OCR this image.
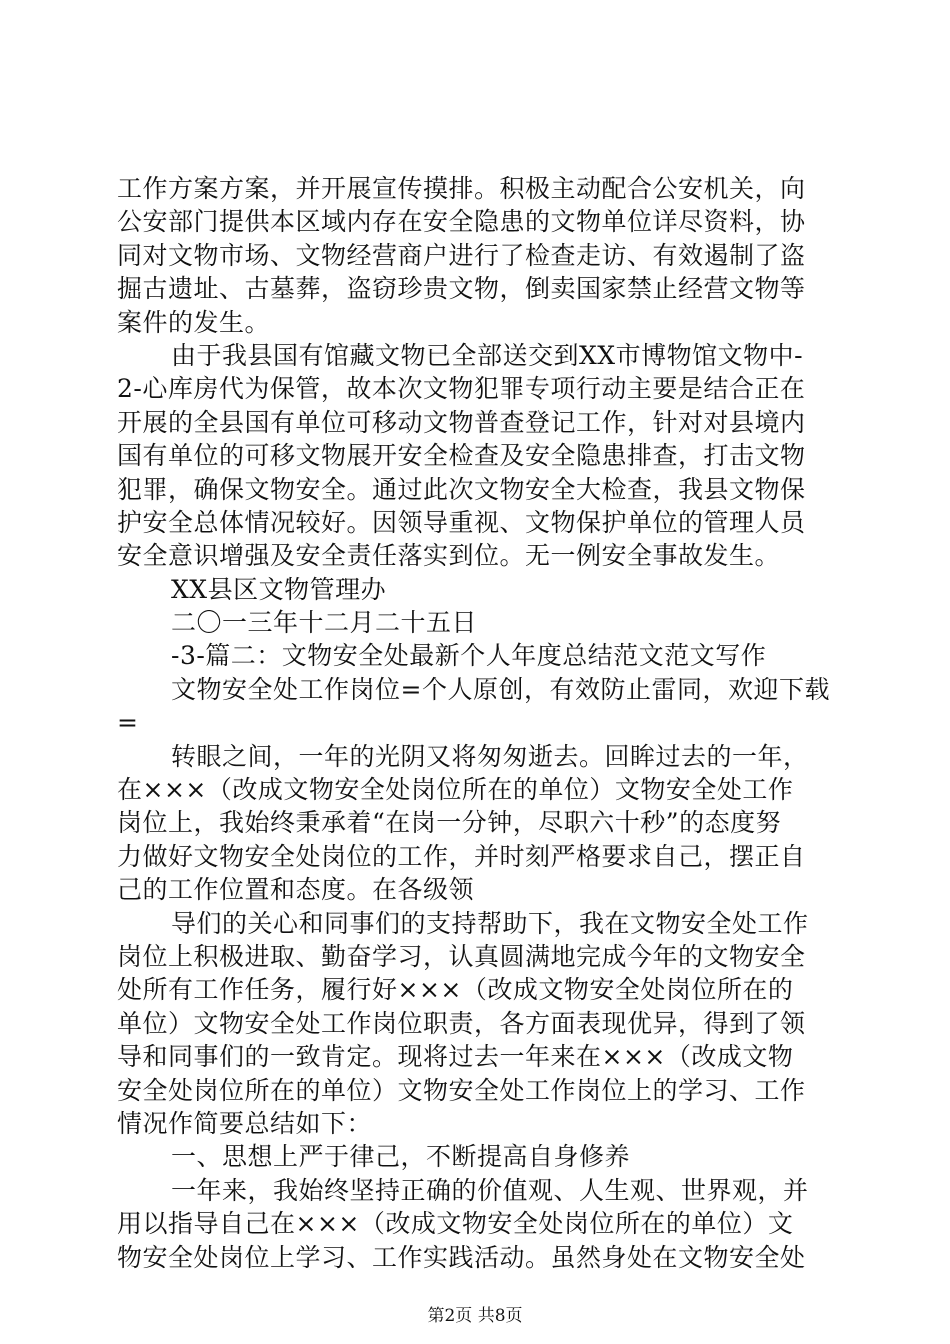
工作方案方案，并开展宣传摸排。积极主动配合公安机关，向
公安部门提供本区域内存在安全隐患的文物单位详尽资料，协
同对文物市场、文物经营商户进行了检查走访、有效遏制了盗
掘古遗址、古墓葬，盗窃珍贵文物，倒卖国家禁止经营文物等
案件的发生。
由于我县国有馆藏文物已全部送交到XX市博物馆文物中-
2-心库房代为保管，故本次文物犯罪专项行动主要是结合正在
开展的全县国有单位可移动文物普查登记工作，针对对县境内
国有单位的可移文物展开安全检查及安全隐患排查，打击文物
犯罪，确保文物安全。通过此次文物安全大检查，我县文物保
护安全总体情况较好。因领导重视、文物保护单位的管理人员
安全意识增强及安全责任落实到位。无一例安全事故发生。
XX县区文物管理办
二〇一三年十二月二十五日
-3-篇二：文物安全处最新个人年度总结范文范文写作
文物安全处工作岗位=个人原创，有效防止雷同，欢迎下载
=
转眼之间，一年的光阴又将匆匆逝去。回眸过去的一年，
在×××（改成文物安全处岗位所在的单位）文物安全处工作
岗位上，我始终秉承着“在岗一分钟，尽职六十秒”的态度努
力做好文物安全处岗位的工作，并时刻严格要求自己，摆正自
己的工作位置和态度。在各级领
导们的关心和同事们的支持帮助下，我在文物安全处工作
岗位上积极进取、勤奋学习，认真圆满地完成今年的文物安全
处所有工作任务，履行好×××（改成文物安全处岗位所在的
单位）文物安全处工作岗位职责，各方面表现优异，得到了领
导和同事们的一致肯定。现将过去一年来在×××（改成文物
安全处岗位所在的单位）文物安全处工作岗位上的学习、工作
情况作简要总结如下：
一、思想上严于律己，不断提高自身修养
一年来，我始终坚持正确的价值观、人生观、世界观，并
用以指导自己在×××（改成文物安全处岗位所在的单位）文
物安全处岗位上学习、工作实践活动。虽然身处在文物安全处
第2页 共8页
